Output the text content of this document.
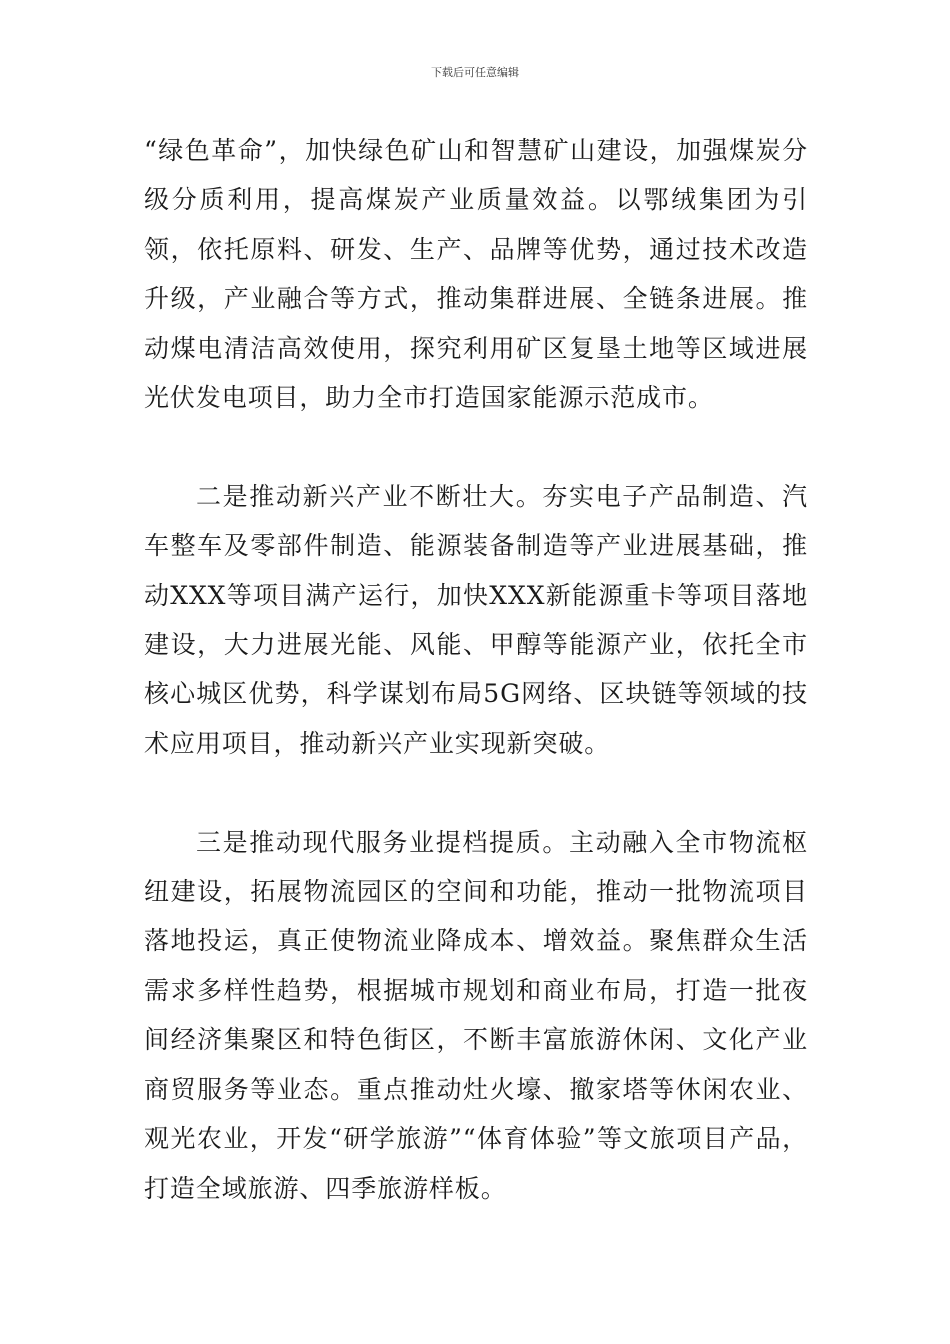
下载后可任意编辑

“绿色革命”，加快绿色矿山和智慧矿山建设，加强煤炭分级分质利用，提高煤炭产业质量效益。以鄂绒集团为引领，依托原料、研发、生产、品牌等优势，通过技术改造升级，产业融合等方式，推动集群进展、全链条进展。推动煤电清洁高效使用，探究利用矿区复垦土地等区域进展光伏发电项目，助力全市打造国家能源示范成市。

二是推动新兴产业不断壮大。夯实电子产品制造、汽车整车及零部件制造、能源装备制造等产业进展基础，推动XXX等项目满产运行，加快XXX新能源重卡等项目落地建设，大力进展光能、风能、甲醇等能源产业，依托全市核心城区优势，科学谋划布局5G网络、区块链等领域的技术应用项目，推动新兴产业实现新突破。

三是推动现代服务业提档提质。主动融入全市物流枢纽建设，拓展物流园区的空间和功能，推动一批物流项目落地投运，真正使物流业降成本、增效益。聚焦群众生活需求多样性趋势，根据城市规划和商业布局，打造一批夜间经济集聚区和特色街区，不断丰富旅游休闲、文化产业商贸服务等业态。重点推动灶火壕、撤家塔等休闲农业、观光农业，开发“研学旅游”“体育体验”等文旅项目产品，打造全域旅游、四季旅游样板。
